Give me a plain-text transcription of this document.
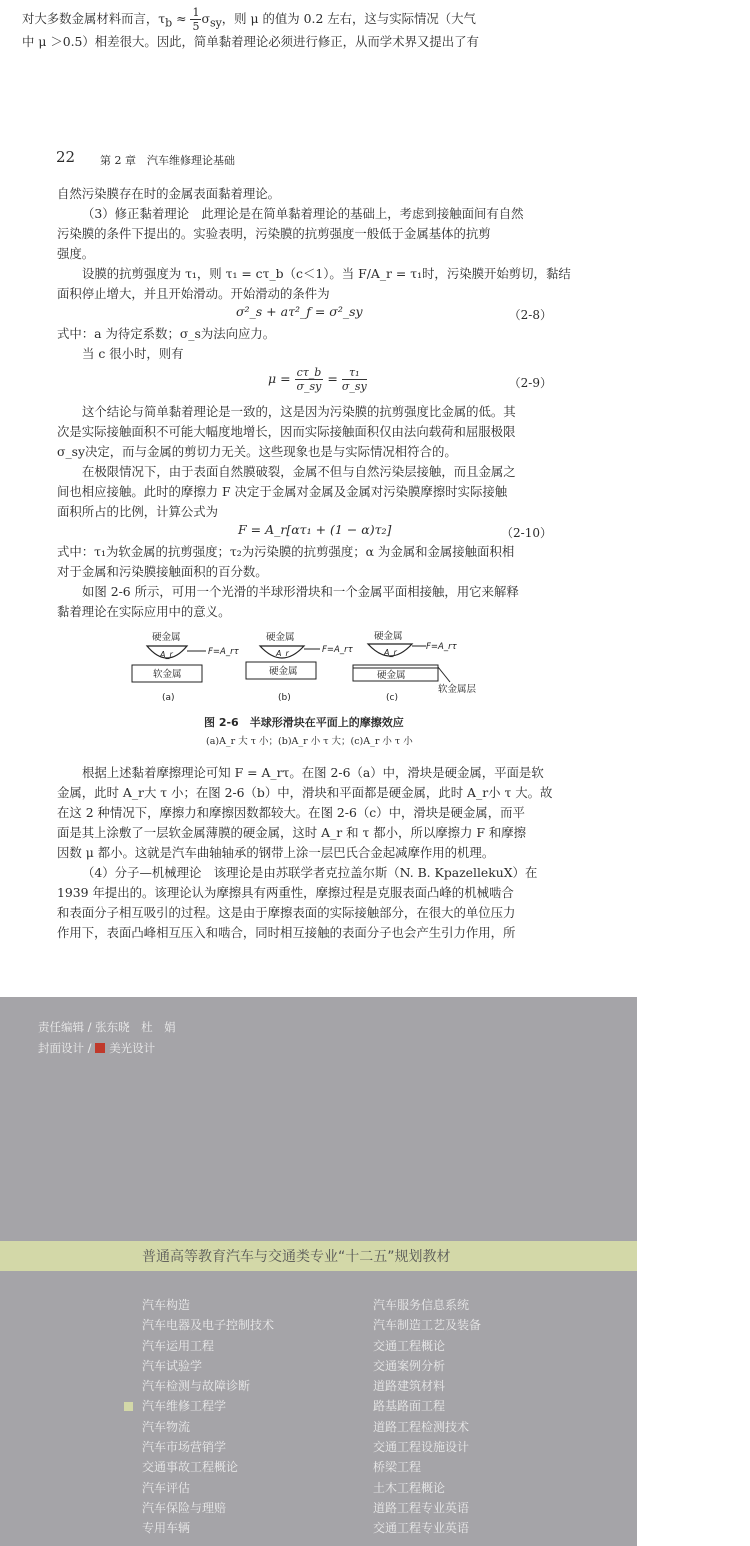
对大多数金属材料而言，$\tau_b \approx \frac{1}{5} \sigma_{sy}$，则 μ 的值为 0.2 左右，这与实际情况（大气
中 μ ＞0.5）相差很大。因此，简单黏着理论必须进行修正，从而学术界又提出了有
22 第 2 章　汽车维修理论基础
自然污染膜存在时的金属表面黏着理论。
（3）修正黏着理论　此理论是在简单黏着理论的基础上，考虑到接触面间有自然
污染膜的条件下提出的。实验表明，污染膜的抗剪强度一般低于金属基体的抗剪
强度。
设膜的抗剪强度为 τ₁，则 τ₁ = cτ_b（c＜1）。当 F/A_r = τ₁时，污染膜开始剪切，黏结
面积停止增大，并且开始滑动。开始滑动的条件为
σ²_s + aτ²_f = σ²_sy	（2-8）
式中：a 为待定系数；σ_s为法向应力。
当 c 很小时，则有
$\mu = \frac{c\tau\_b}{\sigma\_sy} = \frac{\text{τ₁}}{\sigma\_sy}$	（2-9）
这个结论与简单黏着理论是一致的，这是因为污染膜的抗剪强度比金属的低。其
次是实际接触面积不可能大幅度地增长，因而实际接触面积仅由法向载荷和屈服极限
σ_sy决定，而与金属的剪切力无关。这些现象也是与实际情况相符合的。
在极限情况下，由于表面自然膜破裂，金属不但与自然污染层接触，而且金属之
间也相应接触。此时的摩擦力 F 决定于金属对金属及金属对污染膜摩擦时实际接触
面积所占的比例，计算公式为
F = A_r[ατ₁ + (1 − α)τ₂]	（2-10）
式中：τ₁为软金属的抗剪强度；τ₂为污染膜的抗剪强度；α 为金属和金属接触面积相
对于金属和污染膜接触面积的百分数。
如图 2-6 所示，可用一个光滑的半球形滑块和一个金属平面相接触，用它来解释
黏着理论在实际应用中的意义。
硬金属
A_r	F=A_rτ
软金属
(a)
硬金属
A_r	F=A_rτ
硬金属
(b)
硬金属
A_r
F=A_rτ
硬金属
软金属层
(c)
图 2-6　半球形滑块在平面上的摩擦效应
(a)A_r 大 τ 小；(b)A_r 小 τ 大；(c)A_r 小 τ 小
根据上述黏着摩擦理论可知 F = A_rτ。在图 2-6（a）中，滑块是硬金属，平面是软
金属，此时 A_r大 τ 小；在图 2-6（b）中，滑块和平面都是硬金属，此时 A_r小 τ 大。故
在这 2 种情况下，摩擦力和摩擦因数都较大。在图 2-6（c）中，滑块是硬金属，而平
面是其上涂敷了一层软金属薄膜的硬金属，这时 A_r 和 τ 都小，所以摩擦力 F 和摩擦
因数 μ 都小。这就是汽车曲轴轴承的钢带上涂一层巴氏合金起减摩作用的机理。
（4）分子—机械理论　该理论是由苏联学者克拉盖尔斯（N. B. KpazellekuX）在
1939 年提出的。该理论认为摩擦具有两重性，摩擦过程是克服表面凸峰的机械啮合
和表面分子相互吸引的过程。这是由于摩擦表面的实际接触部分，在很大的单位压力
作用下，表面凸峰相互压入和啮合，同时相互接触的表面分子也会产生引力作用，所
责任编辑 / 张东晓　杜　娟
封面设计 / 美光设计
普通高等教育汽车与交通类专业“十二五”规划教材
汽车构造
汽车电器及电子控制技术
汽车运用工程
汽车试验学
汽车检测与故障诊断
汽车维修工程学
汽车物流
汽车市场营销学
交通事故工程概论
汽车评估
汽车保险与理赔
专用车辆
汽车服务信息系统
汽车制造工艺及装备
交通工程概论
交通案例分析
道路建筑材料
路基路面工程
道路工程检测技术
交通工程设施设计
桥梁工程
土木工程概论
道路工程专业英语
交通工程专业英语
